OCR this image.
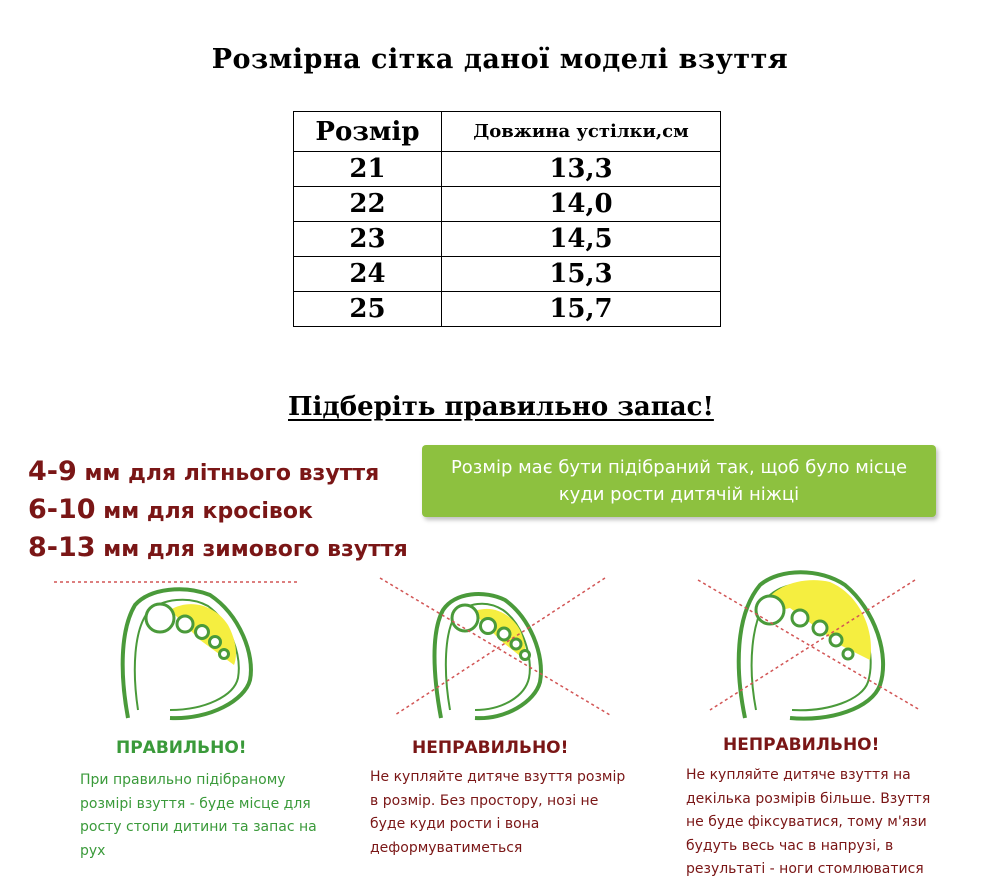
Розмірна сітка даної моделі взуття
Розмір	Довжина устілки,см
21	13,3
22	14,0
23	14,5
24	15,3
25	15,7
Підберіть правильно запас!
4-9 мм для літнього взуття
6-10 мм для кросівок
8-13 мм для зимового взуття
Розмір має бути підібраний так, щоб було місце
куди рости дитячій ніжці
ПРАВИЛЬНО!
При правильно підібраному
розмірі взуття - буде місце для
росту стопи дитини та запас на
рух
НЕПРАВИЛЬНО!
Не купляйте дитяче взуття розмір
в розмір. Без простору, нозі не
буде куди рости і вона
деформуватиметься
НЕПРАВИЛЬНО!
Не купляйте дитяче взуття на
декілька розмірів більше. Взуття
не буде фіксуватися, тому м'язи
будуть весь час в напрузі, в
результаті - ноги стомлюватися
